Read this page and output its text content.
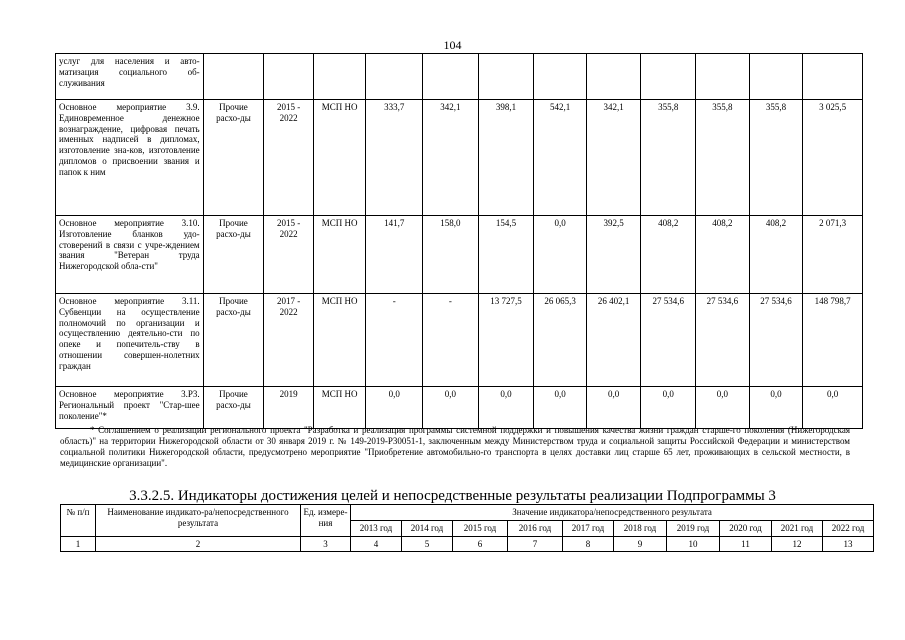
104
услуг для населения и авто-матизация социального об-служивания												
Основное мероприятие 3.9. Единовременное денежное вознаграждение, цифровая печать именных надписей в дипломах, изготовление зна-ков, изготовление дипломов о присвоении звания и папок к ним	Прочие расхо-ды	2015 - 2022	МСП НО	333,7	342,1	398,1	542,1	342,1	355,8	355,8	355,8	3 025,5
Основное мероприятие 3.10. Изготовление бланков удо-стоверений в связи с учре-ждением звания "Ветеран труда Нижегородской обла-сти"	Прочие расхо-ды	2015 - 2022	МСП НО	141,7	158,0	154,5	0,0	392,5	408,2	408,2	408,2	2 071,3
Основное мероприятие 3.11. Субвенции на осуществление полномочий по организации и осуществлению деятельно-сти по опеке и попечитель-ству в отношении совершен-нолетних граждан	Прочие расхо-ды	2017 - 2022	МСП НО	-	-	13 727,5	26 065,3	26 402,1	27 534,6	27 534,6	27 534,6	148 798,7
Основное мероприятие 3.Р3. Региональный проект "Стар-шее поколение"*	Прочие расхо-ды	2019	МСП НО	0,0	0,0	0,0	0,0	0,0	0,0	0,0	0,0	0,0
* Соглашением о реализации регионального проекта "Разработка и реализация программы системной поддержки и повышения качества жизни граждан старше-го поколения (Нижегородская область)" на территории Нижегородской области от 30 января 2019 г. № 149-2019-Р30051-1, заключенным между Министерством труда и социальной защиты Российской Федерации и министерством социальной политики Нижегородской области, предусмотрено мероприятие "Приобретение автомобильно-го транспорта в целях доставки лиц старше 65 лет, проживающих в сельской местности, в медицинские организации".
3.3.2.5. Индикаторы достижения целей и непосредственные результаты реализации Подпрограммы 3
№ п/п	Наименование индикато-ра/непосредственного результата	Ед. измере-ния	Значение индикатора/непосредственного результата									
			2013 год	2014 год	2015 год	2016 год	2017 год	2018 год	2019 год	2020 год	2021 год	2022 год
1	2	3	4	5	6	7	8	9	10	11	12	13
